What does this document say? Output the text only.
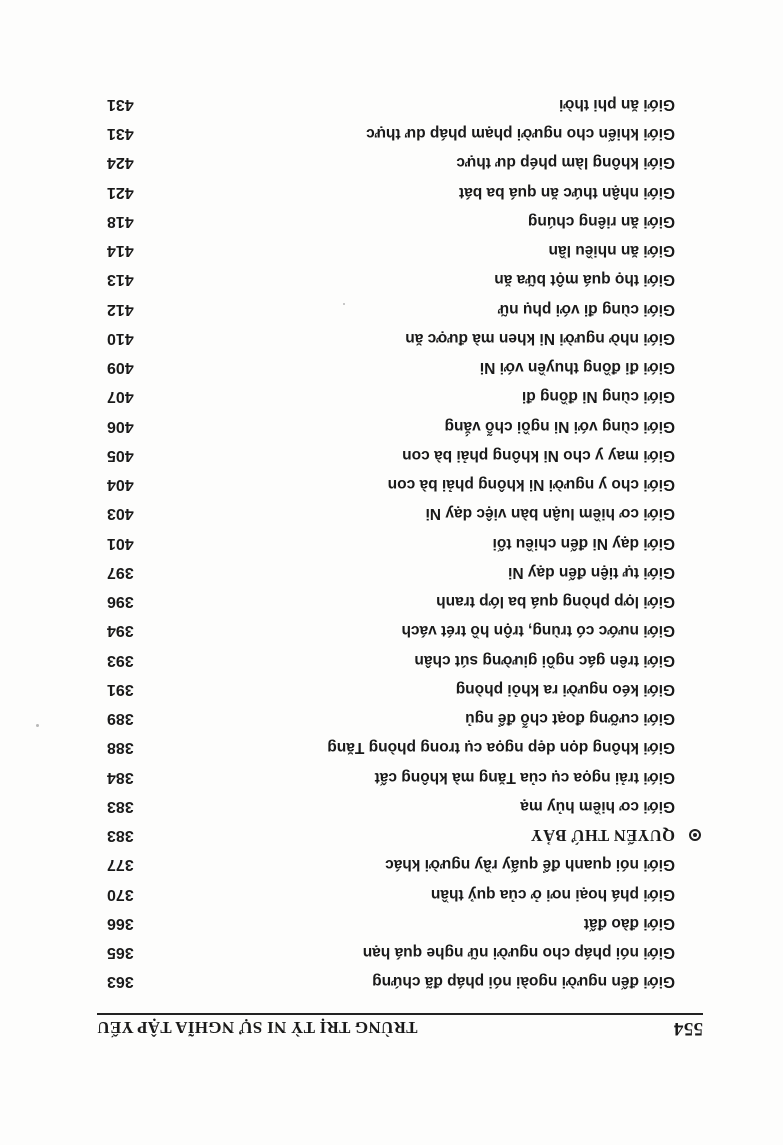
554
TRÙNG TRỊ TỲ NI SỰ NGHĨA TẬP YẾU
Giới đến người ngoài nói pháp đã chứng
363
Giới nói pháp cho người nữ nghe quá hạn
365
Giới đào đất
366
Giới phá hoại nơi ở của quỷ thần
370
Giới nói quanh để quấy rầy người khác
377
QUYỂN THỨ BẢY
383
Giới cơ hiềm hủy mạ
383
Giới trải ngọa cụ của Tăng mà không cất
384
Giới không dọn dẹp ngọa cụ trong phòng Tăng
388
Giới cưỡng đoạt chỗ để ngủ
389
Giới kéo người ra khỏi phòng
391
Giới trên gác ngồi giường sút chân
393
Giới nước có trùng, trộn hồ trét vách
394
Giới lợp phòng quá ba lớp tranh
396
Giới tự tiện đến dạy Ni
397
Giới dạy Ni đến chiều tối
401
Giới cơ hiềm luận bàn việc dạy Ni
403
Giới cho y người Ni không phải bà con
404
Giới may y cho Ni không phải bà con
405
Giới cùng với Ni ngồi chỗ vắng
406
Giới cùng Ni đồng đi
407
Giới đi đồng thuyền với Ni
409
Giới nhờ người Ni khen mà được ăn
410
Giới cùng đi với phụ nữ
412
Giới thọ quá một bữa ăn
413
Giới ăn nhiều lần
414
Giới ăn riêng chúng
418
Giới nhận thức ăn quá ba bát
421
Giới không làm phép dư thực
424
Giới khiến cho người phạm pháp dư thực
431
Giới ăn phi thời
431
